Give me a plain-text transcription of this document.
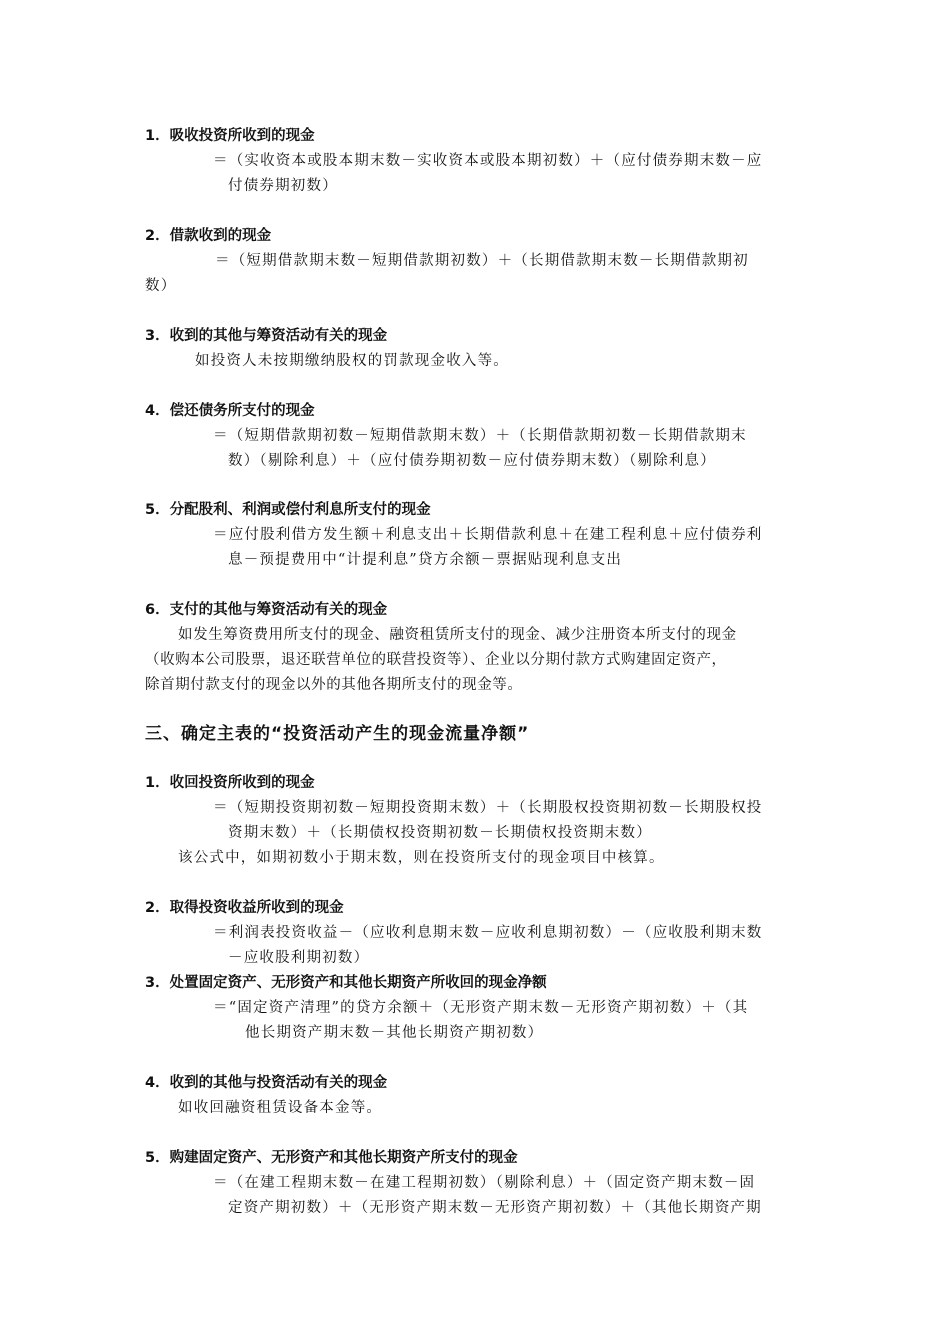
1．吸收投资所收到的现金
＝（实收资本或股本期末数－实收资本或股本期初数）＋（应付债券期末数－应
付债券期初数）
2．借款收到的现金
＝（短期借款期末数－短期借款期初数）＋（长期借款期末数－长期借款期初
数）
3．收到的其他与筹资活动有关的现金
如投资人未按期缴纳股权的罚款现金收入等。
4．偿还债务所支付的现金
＝（短期借款期初数－短期借款期末数）＋（长期借款期初数－长期借款期末
数）（剔除利息）＋（应付债券期初数－应付债券期末数）（剔除利息）
5．分配股利、利润或偿付利息所支付的现金
＝应付股利借方发生额＋利息支出＋长期借款利息＋在建工程利息＋应付债券利
息－预提费用中“计提利息”贷方余额－票据贴现利息支出
6．支付的其他与筹资活动有关的现金
如发生筹资费用所支付的现金、融资租赁所支付的现金、减少注册资本所支付的现金
（收购本公司股票，退还联营单位的联营投资等）、企业以分期付款方式购建固定资产，
除首期付款支付的现金以外的其他各期所支付的现金等。
三、确定主表的“投资活动产生的现金流量净额”
1．收回投资所收到的现金
＝（短期投资期初数－短期投资期末数）＋（长期股权投资期初数－长期股权投
资期末数）＋（长期债权投资期初数－长期债权投资期末数）
该公式中，如期初数小于期末数，则在投资所支付的现金项目中核算。
2．取得投资收益所收到的现金
＝利润表投资收益－（应收利息期末数－应收利息期初数）－（应收股利期末数
－应收股利期初数）
3．处置固定资产、无形资产和其他长期资产所收回的现金净额
＝“固定资产清理”的贷方余额＋（无形资产期末数－无形资产期初数）＋（其
他长期资产期末数－其他长期资产期初数）
4．收到的其他与投资活动有关的现金
如收回融资租赁设备本金等。
5．购建固定资产、无形资产和其他长期资产所支付的现金
＝（在建工程期末数－在建工程期初数）（剔除利息）＋（固定资产期末数－固
定资产期初数）＋（无形资产期末数－无形资产期初数）＋（其他长期资产期
